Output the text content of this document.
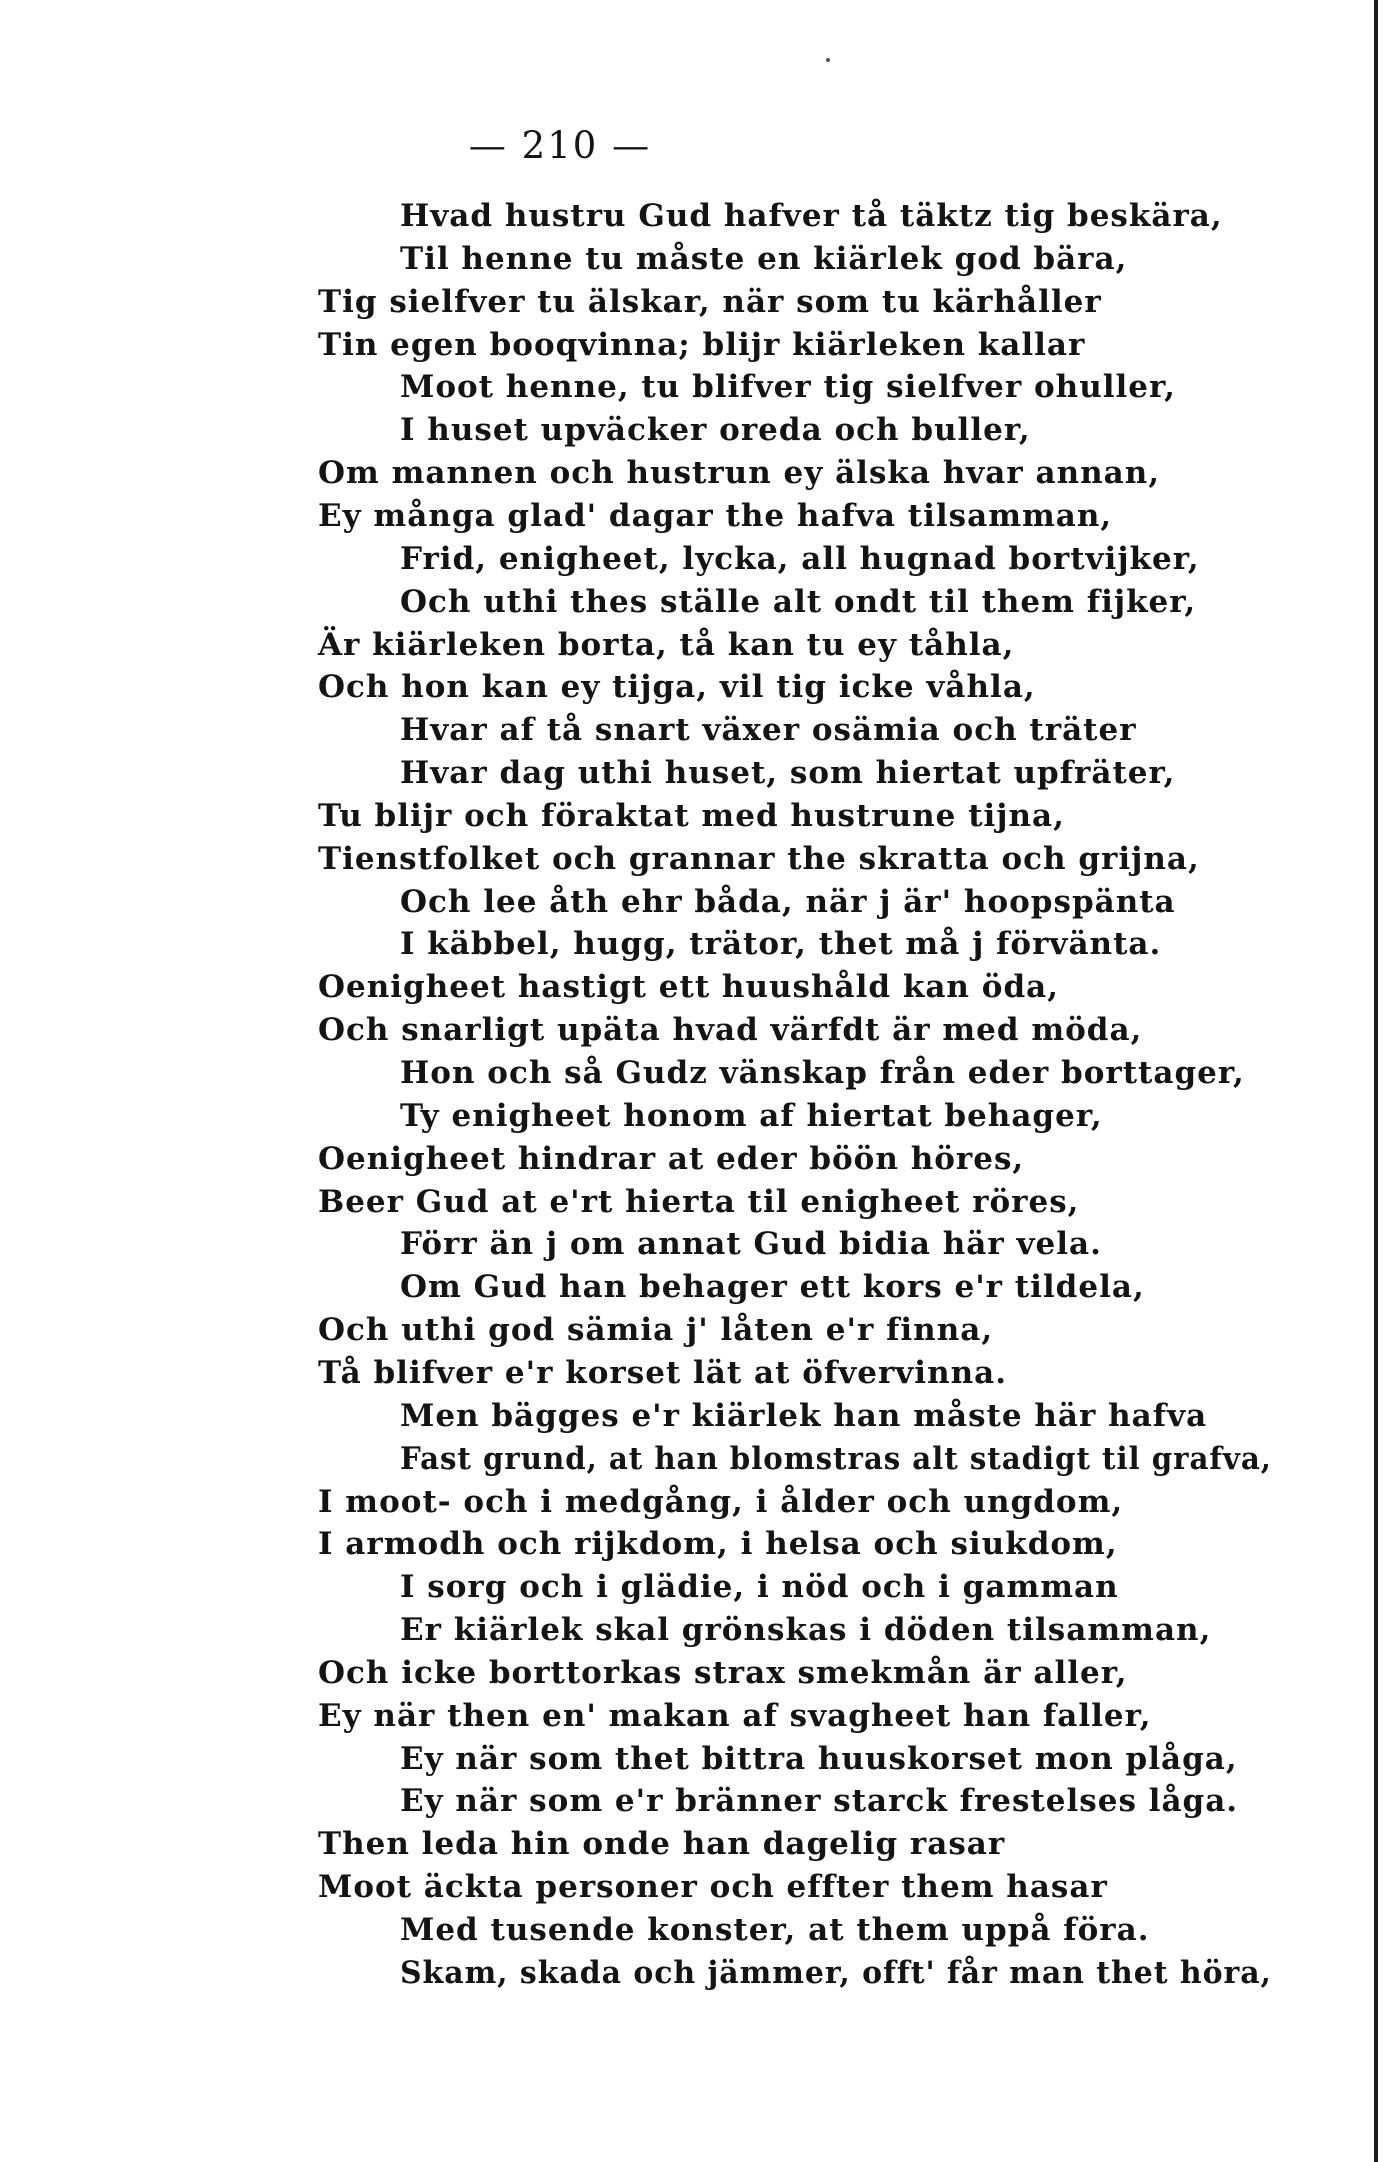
— 210 —
Hvad hustru Gud hafver tå täktz tig beskära,
Til henne tu måste en kiärlek god bära,
Tig sielfver tu älskar, när som tu kärhåller
Tin egen booqvinna; blijr kiärleken kallar
Moot henne, tu blifver tig sielfver ohuller,
I huset upväcker oreda och buller,
Om mannen och hustrun ey älska hvar annan,
Ey många glad' dagar the hafva tilsamman,
Frid, enigheet, lycka, all hugnad bortvijker,
Och uthi thes ställe alt ondt til them fijker,
Är kiärleken borta, tå kan tu ey tåhla,
Och hon kan ey tijga, vil tig icke våhla,
Hvar af tå snart växer osämia och träter
Hvar dag uthi huset, som hiertat upfräter,
Tu blijr och föraktat med hustrune tijna,
Tienstfolket och grannar the skratta och grijna,
Och lee åth ehr båda, när j är' hoopspänta
I käbbel, hugg, trätor, thet må j förvänta.
Oenigheet hastigt ett huushåld kan öda,
Och snarligt upäta hvad värfdt är med möda,
Hon och så Gudz vänskap från eder borttager,
Ty enigheet honom af hiertat behager,
Oenigheet hindrar at eder böön höres,
Beer Gud at e'rt hierta til enigheet röres,
Förr än j om annat Gud bidia här vela.
Om Gud han behager ett kors e'r tildela,
Och uthi god sämia j' låten e'r finna,
Tå blifver e'r korset lät at öfvervinna.
Men bägges e'r kiärlek han måste här hafva
Fast grund, at han blomstras alt stadigt til grafva,
I moot- och i medgång, i ålder och ungdom,
I armodh och rijkdom, i helsa och siukdom,
I sorg och i glädie, i nöd och i gamman
Er kiärlek skal grönskas i döden tilsamman,
Och icke borttorkas strax smekmån är aller,
Ey när then en' makan af svagheet han faller,
Ey när som thet bittra huuskorset mon plåga,
Ey när som e'r bränner starck frestelses låga.
Then leda hin onde han dagelig rasar
Moot äckta personer och effter them hasar
Med tusende konster, at them uppå föra.
Skam, skada och jämmer, offt' får man thet höra,
